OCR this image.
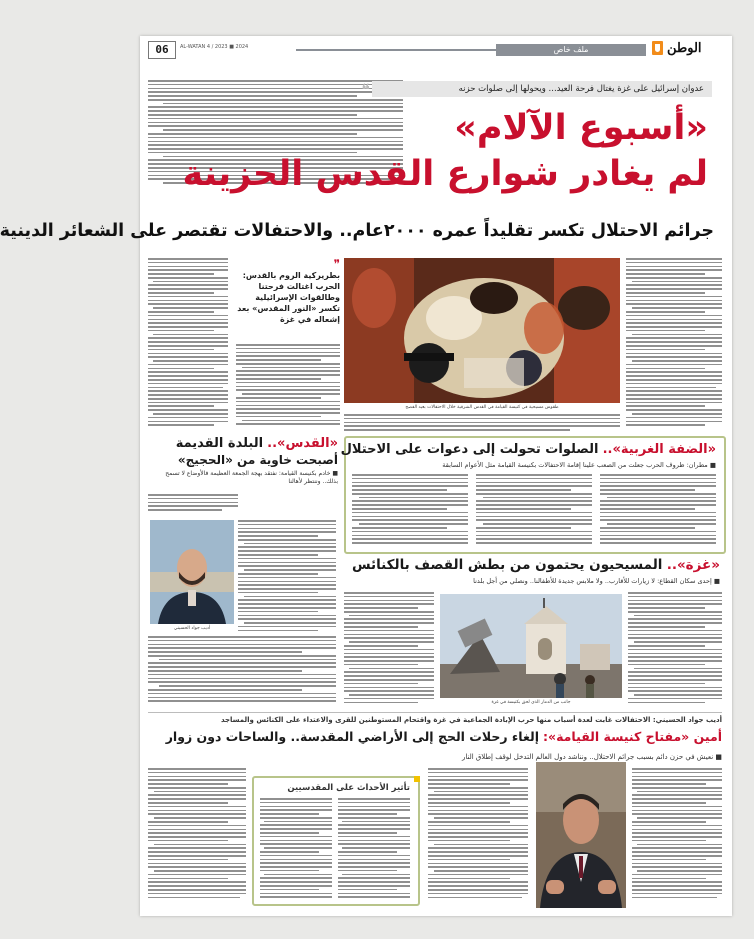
الوطن
ملف خاص
06	AL-WATAN 4 / 2023 ■ 2024
❝	عدوان إسرائيل على غزة يغتال فرحة العيد... ويحولها إلى صلوات حزنه
«أسبوع الآلام»
لم يغادر شوارع القدس الحزينة
جرائم الاحتلال تكسر تقليداً عمره ٢٠٠٠عام.. والاحتفالات تقتصر على الشعائر الدينية
❞
بطريركية الروم بالقدس: الحرب اغتالت فرحتنا وطالقوات الإسرائيلية تكسر «النور المقدس» بعد إشعاله في غزة
طقوس مسيحية في كنيسة القيامة في القدس الشرقية خلال الاحتفالات بعيد الفصح
«القدس».. البلدة القديمة
أصبحت خاوية من «الحجيج»
■ خادم بكنيسة القيامة: نفتقد بهجة الجمعة العظيمة فالأوضاع لا تسمح بذلك.. وننتظر لأهالنا
أديب جواد الحسيني
«الضفة الغربية».. الصلوات تحولت إلى دعوات على الاحتلال
■ مطران: ظروف الحرب جعلت من الصعب علينا إقامة الاحتفالات بكنيسة القيامة مثل الأعوام السابقة
«غزة».. المسيحيون يحتمون من بطش القصف بالكنائس
■ إحدى سكان القطاع: لا زيارات للأقارب.. ولا ملابس جديدة للأطفالنا.. ونصلي من أجل بلدنا
جانب من الدمار الذي لحق بكنيسة في غزة
أديب جواد الحسيني: الاحتفالات غابت لعدة أسباب منها حرب الإبادة الجماعية في غزة واقتحام المستوطنين للقرى والاعتداء على الكنائس والمساجد
أمين «مفتاح كنيسة القيامة»: إلغاء رحلات الحج إلى الأراضي المقدسة.. والساحات دون زوار
■ نعيش في حزن دائم بسبب جرائم الاحتلال.. ونناشد دول العالم التدخل لوقف إطلاق النار
تأثير الأحداث على المقدسيين
